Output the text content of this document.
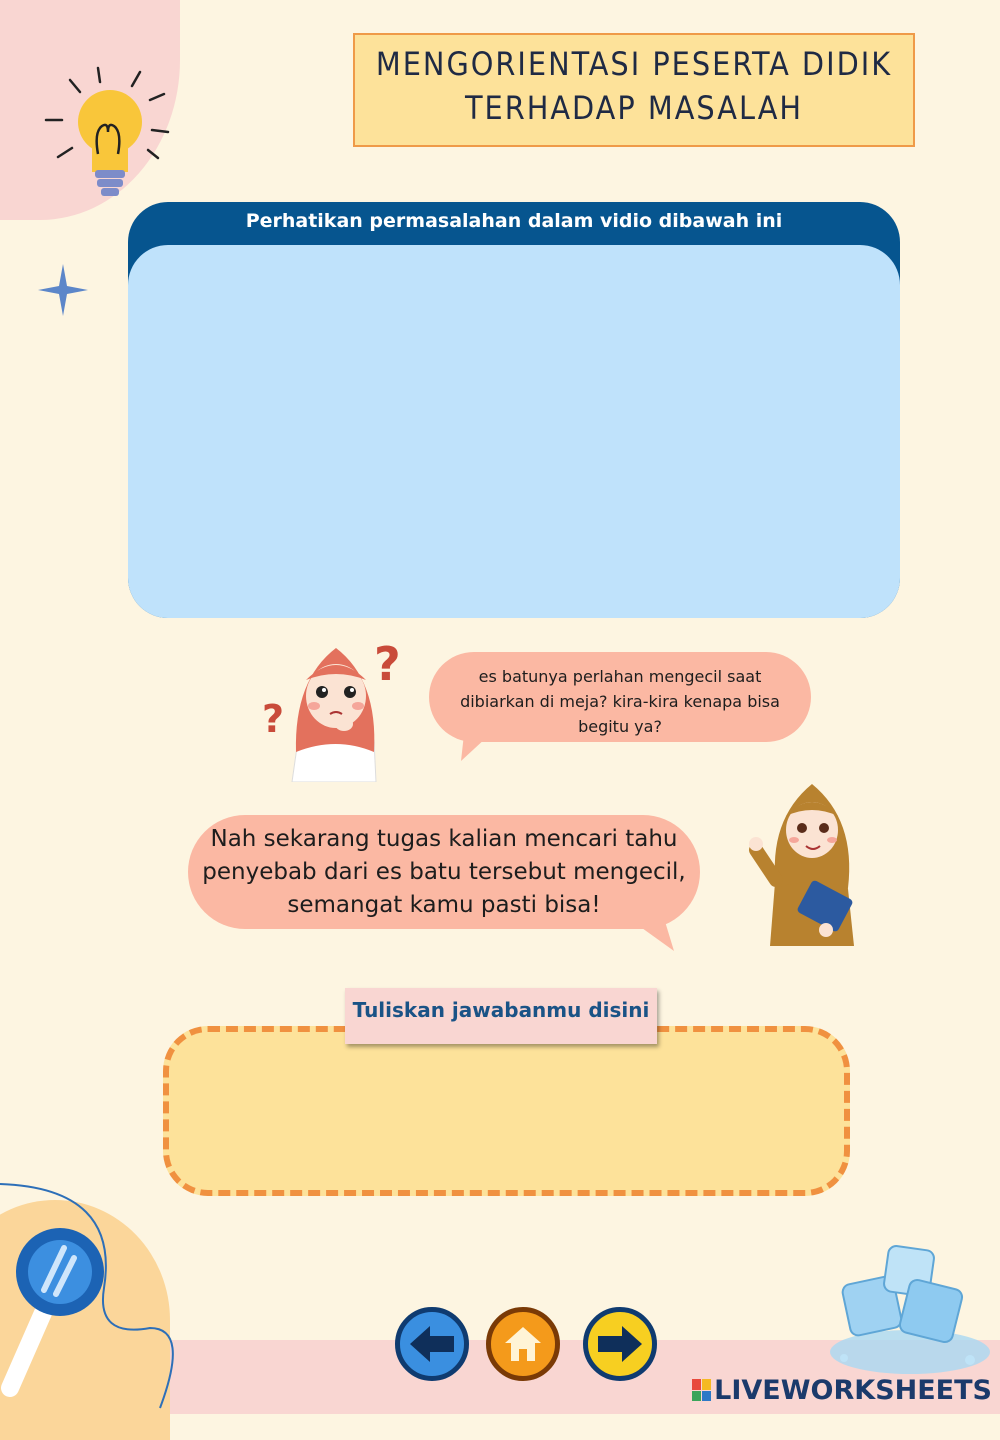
MENGORIENTASI PESERTA DIDIK
TERHADAP MASALAH
Perhatikan permasalahan dalam vidio dibawah ini
?
?	es batunya perlahan mengecil saat
dibiarkan di meja? kira-kira kenapa bisa
begitu ya?
Nah sekarang tugas kalian mencari tahu
penyebab dari es batu tersebut mengecil,
semangat kamu pasti bisa!
Tuliskan jawabanmu disini
LIVEWORKSHEETS
